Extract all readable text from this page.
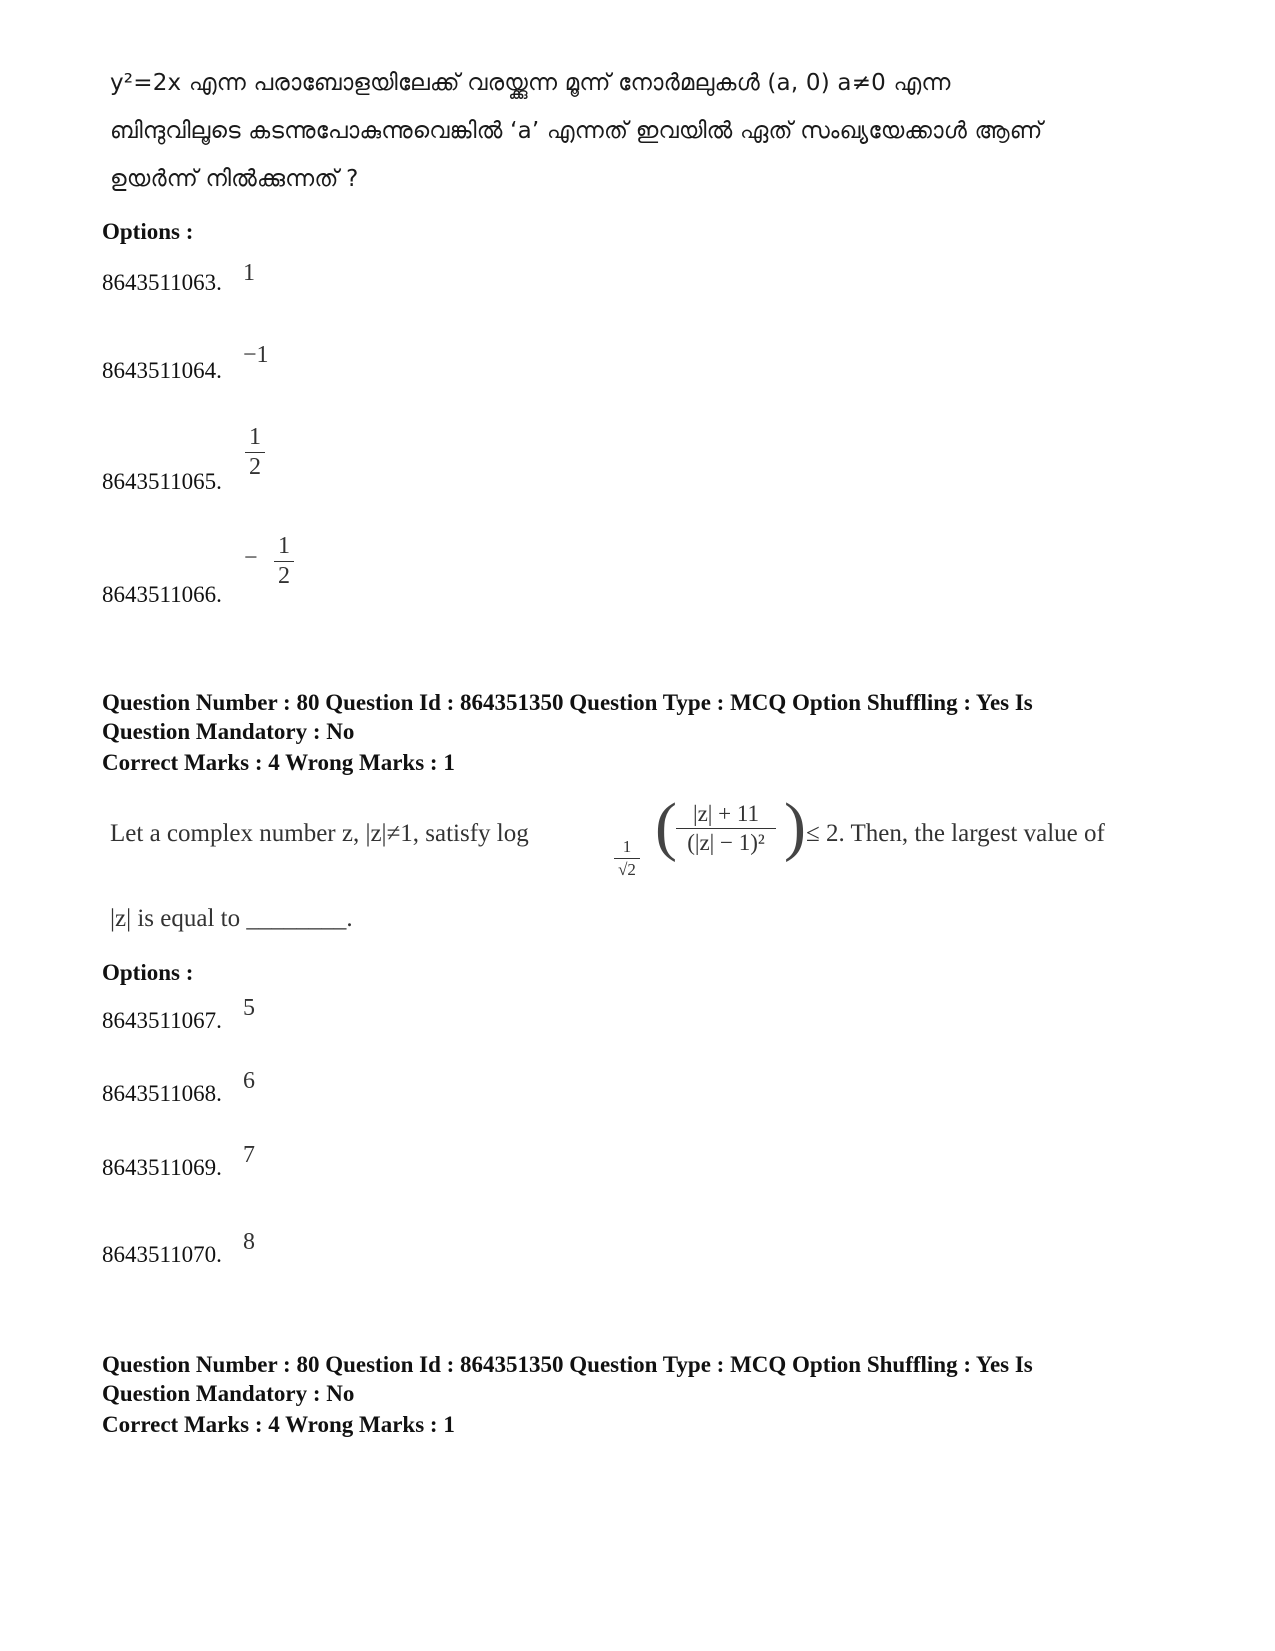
y²=2x എന്ന പരാബോളയിലേക്ക് വരയ്ക്കുന്ന മൂന്ന് നോർമലുകൾ (a, 0) a≠0 എന്ന
ബിന്ദുവിലൂടെ കടന്നുപോകുന്നുവെങ്കിൽ ‘a’ എന്നത് ഇവയിൽ ഏത് സംഖ്യയേക്കാൾ ആണ്
ഉയർന്ന് നിൽക്കുന്നത് ?
Options :
8643511063. 1
8643511064.
−1
8643511065.
1
2
8643511066.
− 1
2
Question Number : 80 Question Id : 864351350 Question Type : MCQ Option Shuffling : Yes Is
Question Mandatory : No
Correct Marks : 4 Wrong Marks : 1
Let a complex number z, |z|≠1, satisfy log	1
√2
( |z| + 11
(|z| − 1)² ) ≤ 2. Then, the largest value of
|z| is equal to ________.
Options :
8643511067. 5
8643511068. 6
8643511069. 7
8643511070. 8
Question Number : 80 Question Id : 864351350 Question Type : MCQ Option Shuffling : Yes Is
Question Mandatory : No
Correct Marks : 4 Wrong Marks : 1
